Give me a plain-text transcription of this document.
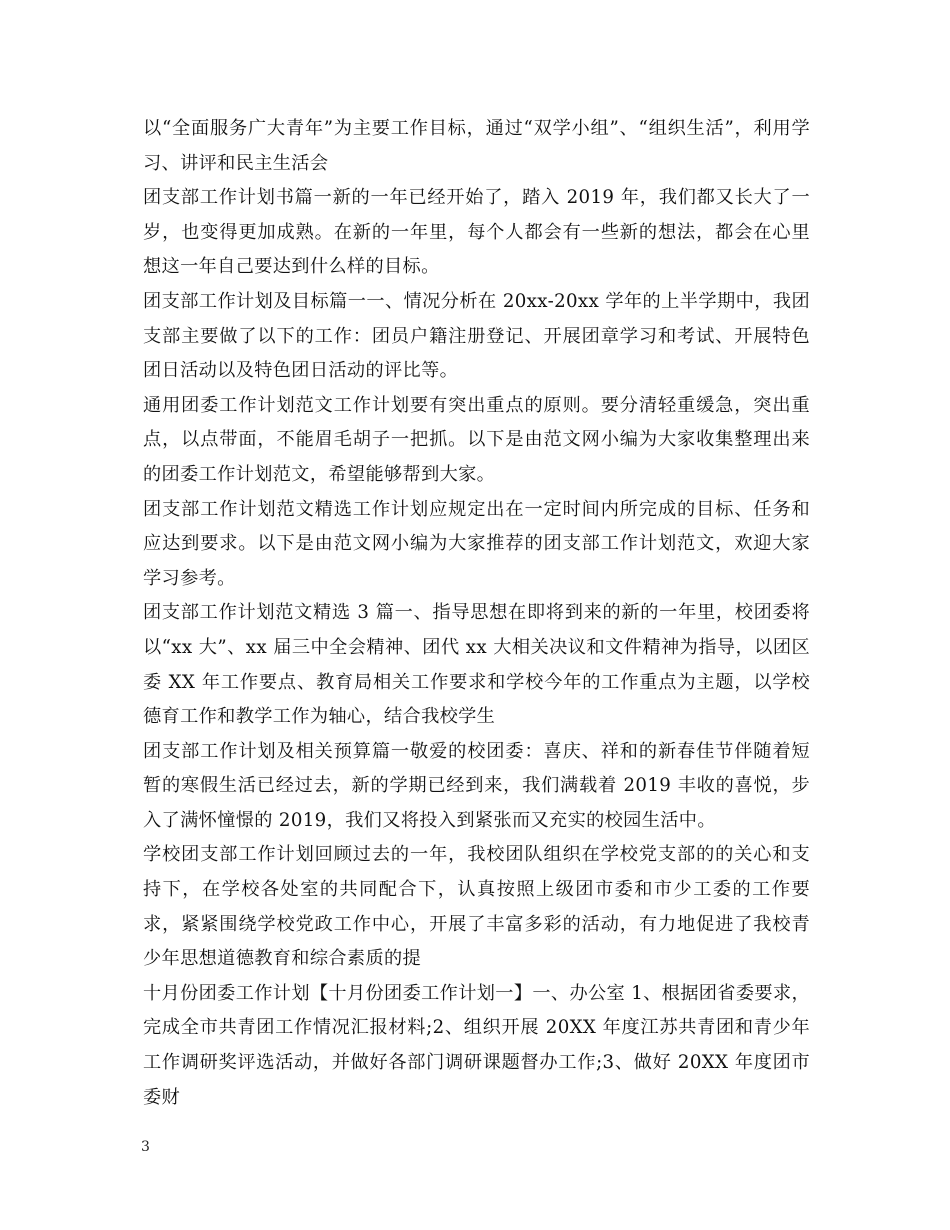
以“全面服务广大青年”为主要工作目标，通过“双学小组”、“组织生活”，利用学习、讲评和民主生活会

团支部工作计划书篇一新的一年已经开始了，踏入 2019 年，我们都又长大了一岁，也变得更加成熟。在新的一年里，每个人都会有一些新的想法，都会在心里想这一年自己要达到什么样的目标。

团支部工作计划及目标篇一一、情况分析在 20xx-20xx 学年的上半学期中，我团支部主要做了以下的工作：团员户籍注册登记、开展团章学习和考试、开展特色团日活动以及特色团日活动的评比等。

通用团委工作计划范文工作计划要有突出重点的原则。要分清轻重缓急，突出重点，以点带面，不能眉毛胡子一把抓。以下是由范文网小编为大家收集整理出来的团委工作计划范文，希望能够帮到大家。

团支部工作计划范文精选工作计划应规定出在一定时间内所完成的目标、任务和应达到要求。以下是由范文网小编为大家推荐的团支部工作计划范文，欢迎大家学习参考。

团支部工作计划范文精选 3 篇一、指导思想在即将到来的新的一年里，校团委将以“xx 大”、xx 届三中全会精神、团代 xx 大相关决议和文件精神为指导，以团区委 XX 年工作要点、教育局相关工作要求和学校今年的工作重点为主题，以学校德育工作和教学工作为轴心，结合我校学生

团支部工作计划及相关预算篇一敬爱的校团委：喜庆、祥和的新春佳节伴随着短暂的寒假生活已经过去，新的学期已经到来，我们满载着 2019 丰收的喜悦，步入了满怀憧憬的 2019，我们又将投入到紧张而又充实的校园生活中。

学校团支部工作计划回顾过去的一年，我校团队组织在学校党支部的的关心和支持下，在学校各处室的共同配合下，认真按照上级团市委和市少工委的工作要求，紧紧围绕学校党政工作中心，开展了丰富多彩的活动，有力地促进了我校青少年思想道德教育和综合素质的提

十月份团委工作计划【十月份团委工作计划一】一、办公室 1、根据团省委要求，完成全市共青团工作情况汇报材料;2、组织开展 20XX 年度江苏共青团和青少年工作调研奖评选活动，并做好各部门调研课题督办工作;3、做好 20XX 年度团市委财

3
